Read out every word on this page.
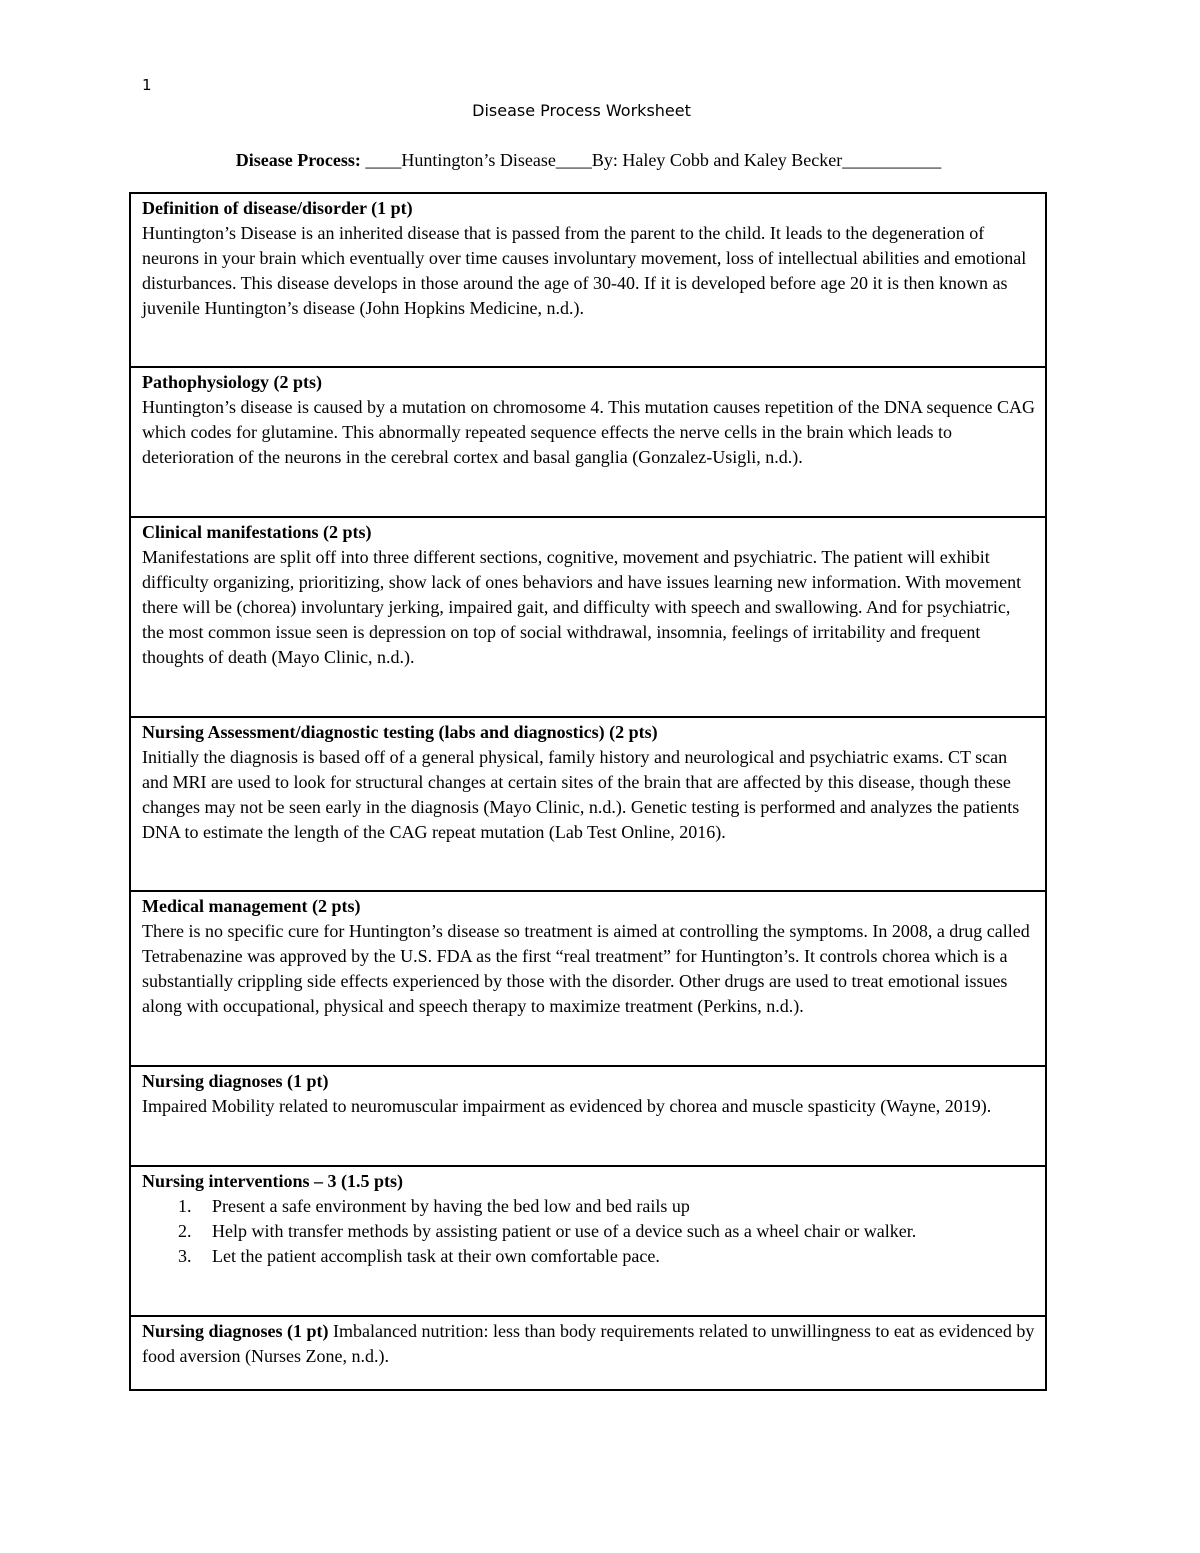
1
Disease Process Worksheet
Disease Process: ____Huntington’s Disease____By: Haley Cobb and Kaley Becker___________
Definition of disease/disorder (1 pt)
Huntington’s Disease is an inherited disease that is passed from the parent to the child. It leads to the degeneration of neurons in your brain which eventually over time causes involuntary movement, loss of intellectual abilities and emotional disturbances. This disease develops in those around the age of 30-40. If it is developed before age 20 it is then known as juvenile Huntington’s disease (John Hopkins Medicine, n.d.).

Pathophysiology (2 pts)
Huntington’s disease is caused by a mutation on chromosome 4. This mutation causes repetition of the DNA sequence CAG which codes for glutamine. This abnormally repeated sequence effects the nerve cells in the brain which leads to deterioration of the neurons in the cerebral cortex and basal ganglia (Gonzalez-Usigli, n.d.).

Clinical manifestations (2 pts)
Manifestations are split off into three different sections, cognitive, movement and psychiatric. The patient will exhibit difficulty organizing, prioritizing, show lack of ones behaviors and have issues learning new information. With movement there will be (chorea) involuntary jerking, impaired gait, and difficulty with speech and swallowing. And for psychiatric, the most common issue seen is depression on top of social withdrawal, insomnia, feelings of irritability and frequent thoughts of death (Mayo Clinic, n.d.).

Nursing Assessment/diagnostic testing (labs and diagnostics) (2 pts)
Initially the diagnosis is based off of a general physical, family history and neurological and psychiatric exams. CT scan and MRI are used to look for structural changes at certain sites of the brain that are affected by this disease, though these changes may not be seen early in the diagnosis (Mayo Clinic, n.d.). Genetic testing is performed and analyzes the patients DNA to estimate the length of the CAG repeat mutation (Lab Test Online, 2016).

Medical management (2 pts)
There is no specific cure for Huntington’s disease so treatment is aimed at controlling the symptoms. In 2008, a drug called Tetrabenazine was approved by the U.S. FDA as the first “real treatment” for Huntington’s. It controls chorea which is a substantially crippling side effects experienced by those with the disorder. Other drugs are used to treat emotional issues along with occupational, physical and speech therapy to maximize treatment (Perkins, n.d.).

Nursing diagnoses (1 pt)
Impaired Mobility related to neuromuscular impairment as evidenced by chorea and muscle spasticity (Wayne, 2019).

Nursing interventions – 3 (1.5 pts)
1. Present a safe environment by having the bed low and bed rails up
2. Help with transfer methods by assisting patient or use of a device such as a wheel chair or walker.
3. Let the patient accomplish task at their own comfortable pace.

Nursing diagnoses (1 pt) Imbalanced nutrition: less than body requirements related to unwillingness to eat as evidenced by food aversion (Nurses Zone, n.d.).
